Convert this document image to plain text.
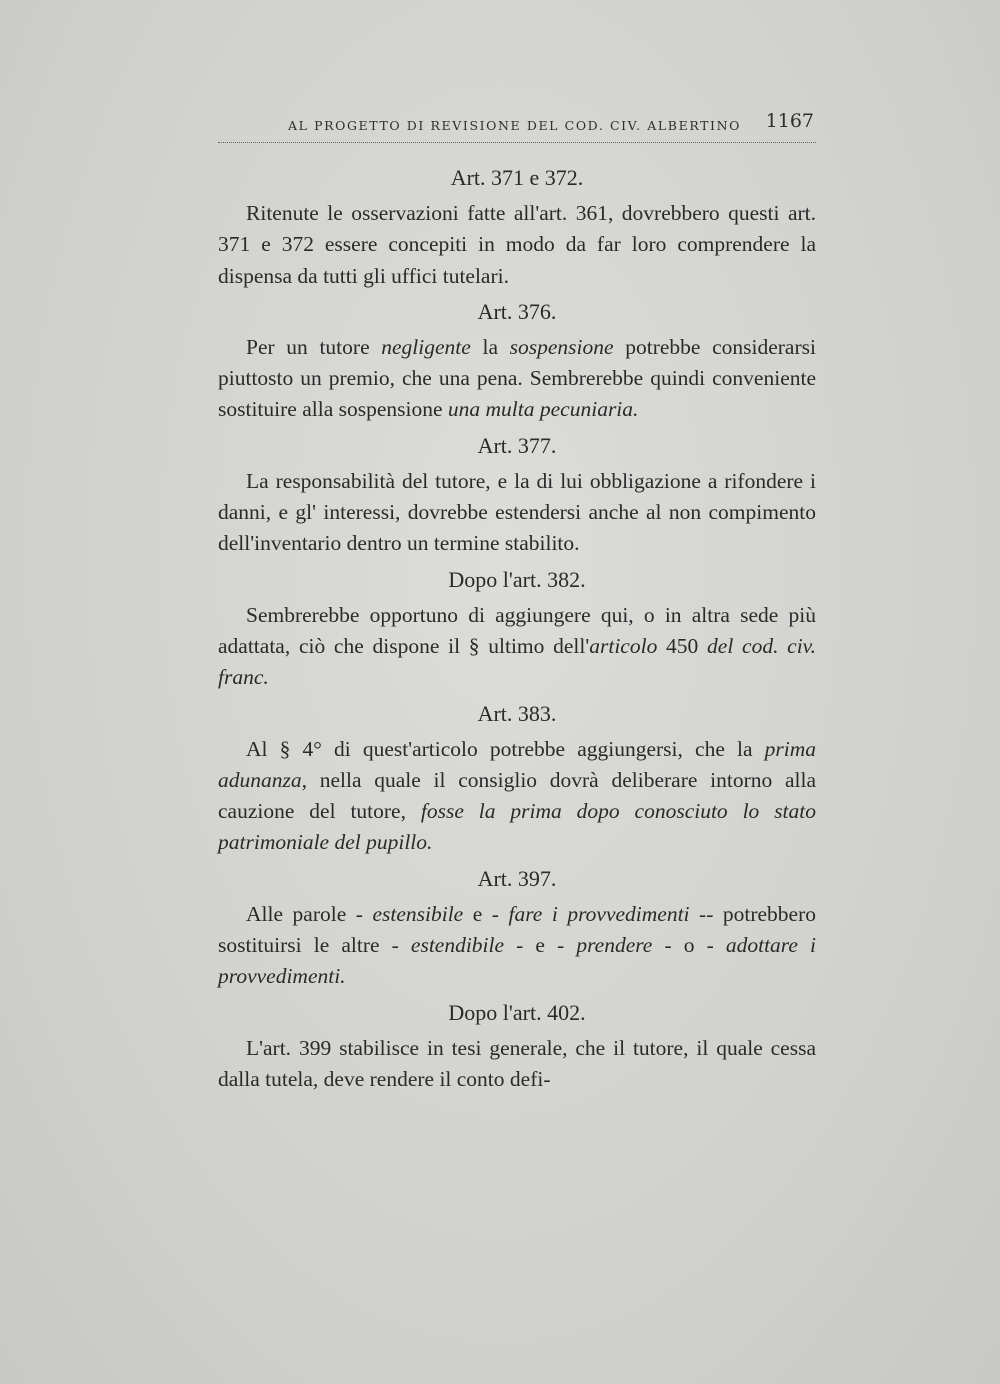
AL PROGETTO DI REVISIONE DEL COD. CIV. ALBERTINO 1167
Art. 371 e 372.

Ritenute le osservazioni fatte all'art. 361, dovrebbero questi art. 371 e 372 essere concepiti in modo da far loro comprendere la dispensa da tutti gli uffici tutelari.

Art. 376.

Per un tutore negligente la sospensione potrebbe considerarsi piuttosto un premio, che una pena. Sembrerebbe quindi conveniente sostituire alla sospensione una multa pecuniaria.

Art. 377.

La responsabilità del tutore, e la di lui obbligazione a rifondere i danni, e gl' interessi, dovrebbe estendersi anche al non compimento dell'inventario dentro un termine stabilito.

Dopo l'art. 382.

Sembrerebbe opportuno di aggiungere qui, o in altra sede più adattata, ciò che dispone il § ultimo dell'articolo 450 del cod. civ. franc.

Art. 383.

Al § 4° di quest'articolo potrebbe aggiungersi, che la prima adunanza, nella quale il consiglio dovrà deliberare intorno alla cauzione del tutore, fosse la prima dopo conosciuto lo stato patrimoniale del pupillo.

Art. 397.

Alle parole - estensibile e - fare i provvedimenti -- potrebbero sostituirsi le altre - estendibile - e - prendere - o - adottare i provvedimenti.

Dopo l'art. 402.

L'art. 399 stabilisce in tesi generale, che il tutore, il quale cessa dalla tutela, deve rendere il conto defi-
